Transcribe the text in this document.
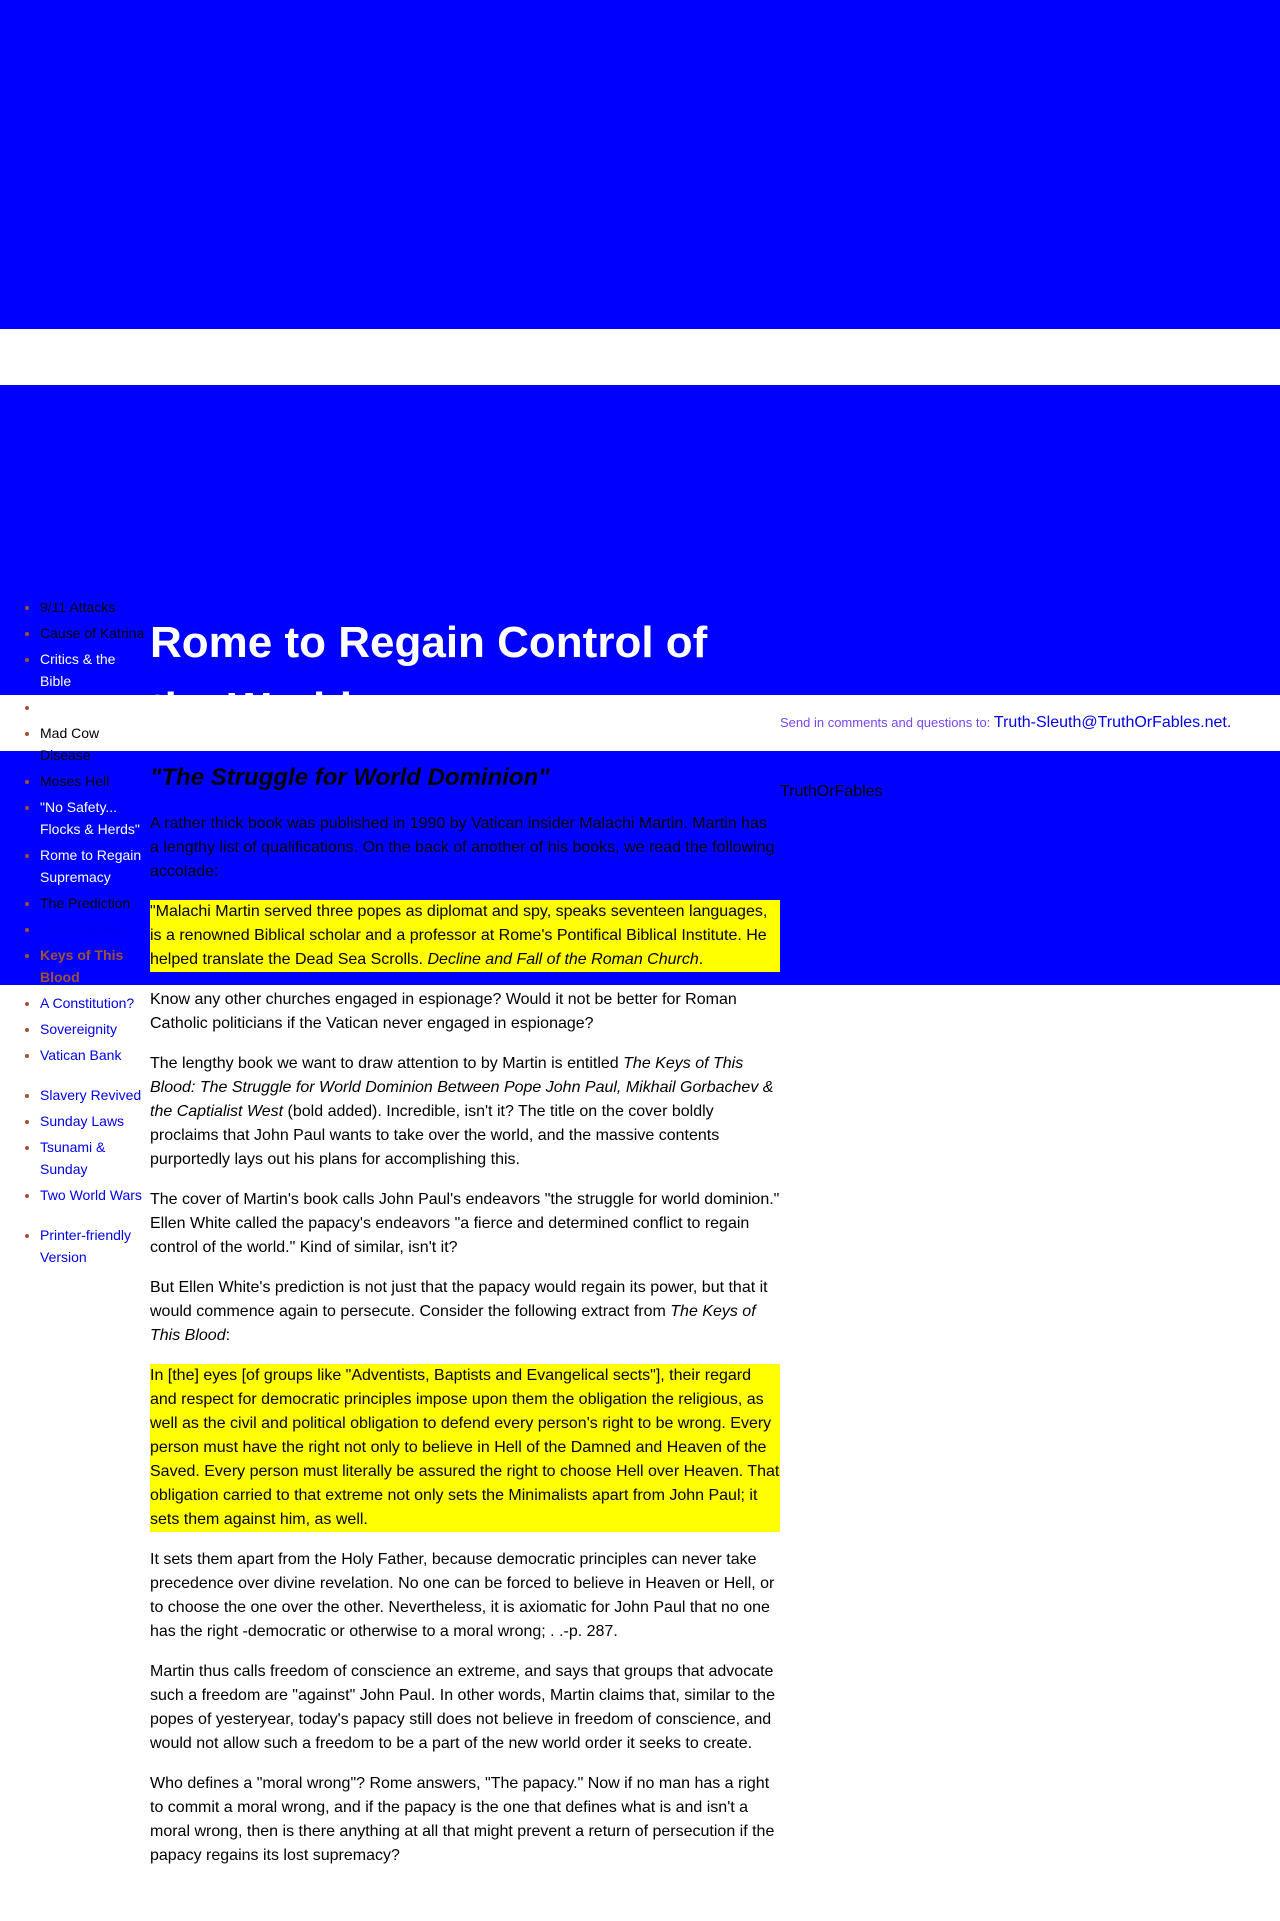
• 9/11 Attacks
• Cause of Katrina
• Critics & the Bible
•
• Mad Cow Disease
• Moses Hell
• "No Safety... Flocks & Herds"
• Rome to Regain Supremacy
• The Prediction
• 2004 Election
• Keys of This Blood
• A Constitution?
• Sovereignity
• Vatican Bank
• Slavery Revived
• Sunday Laws
• Tsunami & Sunday
• Two World Wars
• Printer-friendly Version
Rome to Regain Control of the World
"The Struggle for World Dominion"

A rather thick book was published in 1990 by Vatican insider Malachi Martin. Martin has a lengthy list of qualifications. On the back of another of his books, we read the following accolade:

"Malachi Martin served three popes as diplomat and spy, speaks seventeen languages, is a renowned Biblical scholar and a professor at Rome's Pontifical Biblical Institute. He helped translate the Dead Sea Scrolls. Decline and Fall of the Roman Church.

Know any other churches engaged in espionage? Would it not be better for Roman Catholic politicians if the Vatican never engaged in espionage?

The lengthy book we want to draw attention to by Martin is entitled The Keys of This Blood: The Struggle for World Dominion Between Pope John Paul, Mikhail Gorbachev & the Captialist West (bold added). Incredible, isn't it? The title on the cover boldly proclaims that John Paul wants to take over the world, and the massive contents purportedly lays out his plans for accomplishing this.

The cover of Martin's book calls John Paul's endeavors "the struggle for world dominion." Ellen White called the papacy's endeavors "a fierce and determined conflict to regain control of the world." Kind of similar, isn't it?

But Ellen White's prediction is not just that the papacy would regain its power, but that it would commence again to persecute. Consider the following extract from The Keys of This Blood:

In [the] eyes [of groups like "Adventists, Baptists and Evangelical sects"], their regard and respect for democratic principles impose upon them the obligation the religious, as well as the civil and political obligation to defend every person's right to be wrong. Every person must have the right not only to believe in Hell of the Damned and Heaven of the Saved. Every person must literally be assured the right to choose Hell over Heaven. That obligation carried to that extreme not only sets the Minimalists apart from John Paul; it sets them against him, as well.

It sets them apart from the Holy Father, because democratic principles can never take precedence over divine revelation. No one can be forced to believe in Heaven or Hell, or to choose the one over the other. Nevertheless, it is axiomatic for John Paul that no one has the right -democratic or otherwise to a moral wrong; . .-p. 287.

Martin thus calls freedom of conscience an extreme, and says that groups that advocate such a freedom are "against" John Paul. In other words, Martin claims that, similar to the popes of yesteryear, today's papacy still does not believe in freedom of conscience, and would not allow such a freedom to be a part of the new world order it seeks to create.

Who defines a "moral wrong"? Rome answers, "The papacy." Now if no man has a right to commit a moral wrong, and if the papacy is the one that defines what is and isn't a moral wrong, then is there anything at all that might prevent a return of persecution if the papacy regains its lost supremacy?

Send in comments and questions to: Truth-Sleuth@TruthOrFables.net.

TruthOrFables
